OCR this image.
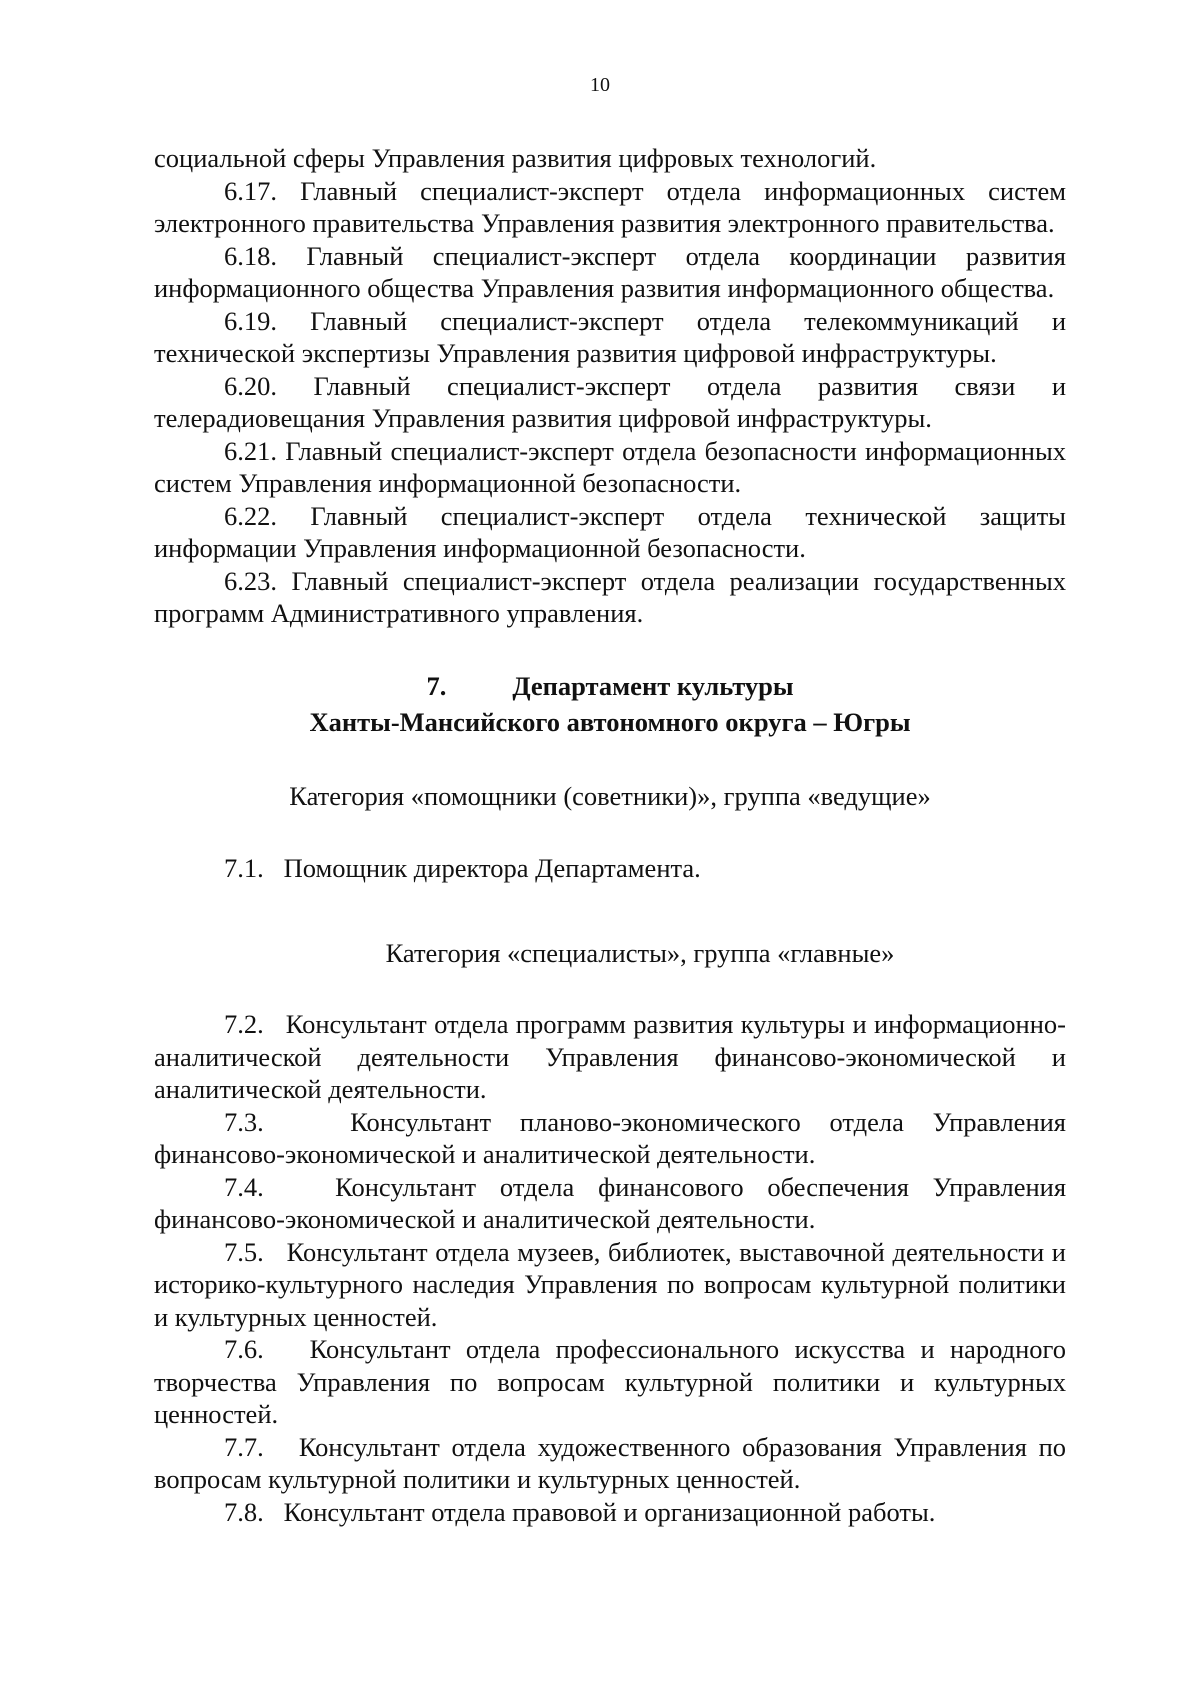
10

социальной сферы Управления развития цифровых технологий.

6.17. Главный специалист-эксперт отдела информационных систем электронного правительства Управления развития электронного правительства.

6.18. Главный специалист-эксперт отдела координации развития информационного общества Управления развития информационного общества.

6.19. Главный специалист-эксперт отдела телекоммуникаций и технической экспертизы Управления развития цифровой инфраструктуры.

6.20. Главный специалист-эксперт отдела развития связи и телерадиовещания Управления развития цифровой инфраструктуры.

6.21. Главный специалист-эксперт отдела безопасности информационных систем Управления информационной безопасности.

6.22. Главный специалист-эксперт отдела технической защиты информации Управления информационной безопасности.

6.23. Главный специалист-эксперт отдела реализации государственных программ Административного управления.

7. Департамент культуры

Ханты-Мансийского автономного округа – Югры

Категория «помощники (советники)», группа «ведущие»

7.1. Помощник директора Департамента.

Категория «специалисты», группа «главные»

7.2. Консультант отдела программ развития культуры и информационно-аналитической деятельности Управления финансово-экономической и аналитической деятельности.

7.3.	Консультант планово-экономического отдела Управления финансово-экономической и аналитической деятельности.

7.4.	Консультант отдела финансового обеспечения Управления финансово-экономической и аналитической деятельности.

7.5. Консультант отдела музеев, библиотек, выставочной деятельности и историко-культурного наследия Управления по вопросам культурной политики и культурных ценностей.

7.6. Консультант отдела профессионального искусства и народного творчества Управления по вопросам культурной политики и культурных ценностей.

7.7. Консультант отдела художественного образования Управления по вопросам культурной политики и культурных ценностей.

7.8. Консультант отдела правовой и организационной работы.
